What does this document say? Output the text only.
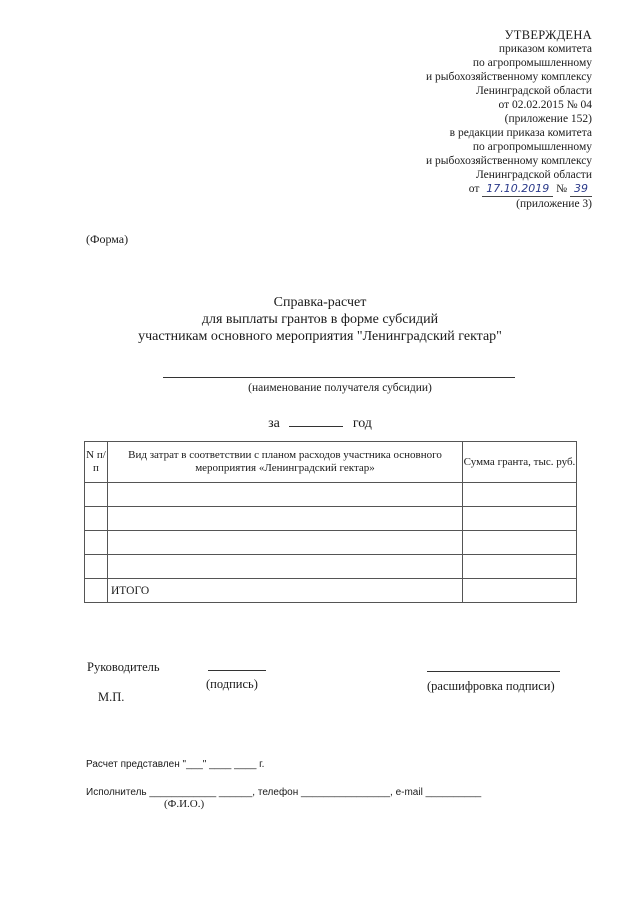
УТВЕРЖДЕНА
приказом комитета
по агропромышленному
и рыбохозяйственному комплексу
Ленинградской области
от 02.02.2015 № 04
(приложение 152)
в редакции приказа комитета
по агропромышленному
и рыбохозяйственному комплексу
Ленинградской области
от 17.10.2019 № 39
(приложение 3)
(Форма)
Справка-расчет
для выплаты грантов в форме субсидий
участникам основного мероприятия "Ленинградский гектар"
(наименование получателя субсидии)
за	год
N п/п	Вид затрат в соответствии с планом расходов участника основного мероприятия «Ленинградский гектар»	Сумма гранта, тыс. руб.

	ИТОГО	
Руководитель
(подпись)	(расшифровка подписи)
М.П.
Расчет представлен "___" ____ ____ г.
Исполнитель ____________ ______, телефон ________________, e-mail __________
(Ф.И.О.)
